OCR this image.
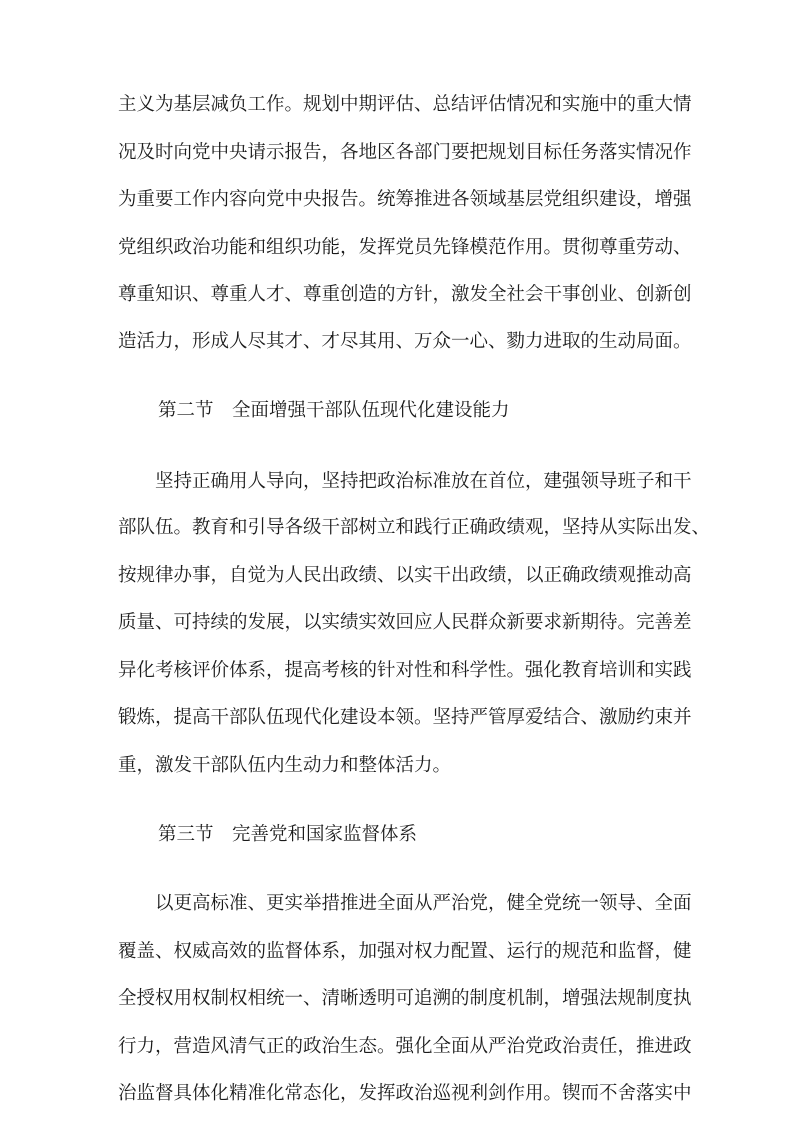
主义为基层减负工作。规划中期评估、总结评估情况和实施中的重大情
况及时向党中央请示报告，各地区各部门要把规划目标任务落实情况作
为重要工作内容向党中央报告。统筹推进各领域基层党组织建设，增强
党组织政治功能和组织功能，发挥党员先锋模范作用。贯彻尊重劳动、
尊重知识、尊重人才、尊重创造的方针，激发全社会干事创业、创新创
造活力，形成人尽其才、才尽其用、万众一心、勠力进取的生动局面。
第二节　全面增强干部队伍现代化建设能力
　　坚持正确用人导向，坚持把政治标准放在首位，建强领导班子和干
部队伍。教育和引导各级干部树立和践行正确政绩观，坚持从实际出发、
按规律办事，自觉为人民出政绩、以实干出政绩，以正确政绩观推动高
质量、可持续的发展，以实绩实效回应人民群众新要求新期待。完善差
异化考核评价体系，提高考核的针对性和科学性。强化教育培训和实践
锻炼，提高干部队伍现代化建设本领。坚持严管厚爱结合、激励约束并
重，激发干部队伍内生动力和整体活力。
第三节　完善党和国家监督体系
　　以更高标准、更实举措推进全面从严治党，健全党统一领导、全面
覆盖、权威高效的监督体系，加强对权力配置、运行的规范和监督，健
全授权用权制权相统一、清晰透明可追溯的制度机制，增强法规制度执
行力，营造风清气正的政治生态。强化全面从严治党政治责任，推进政
治监督具体化精准化常态化，发挥政治巡视利剑作用。锲而不舍落实中
